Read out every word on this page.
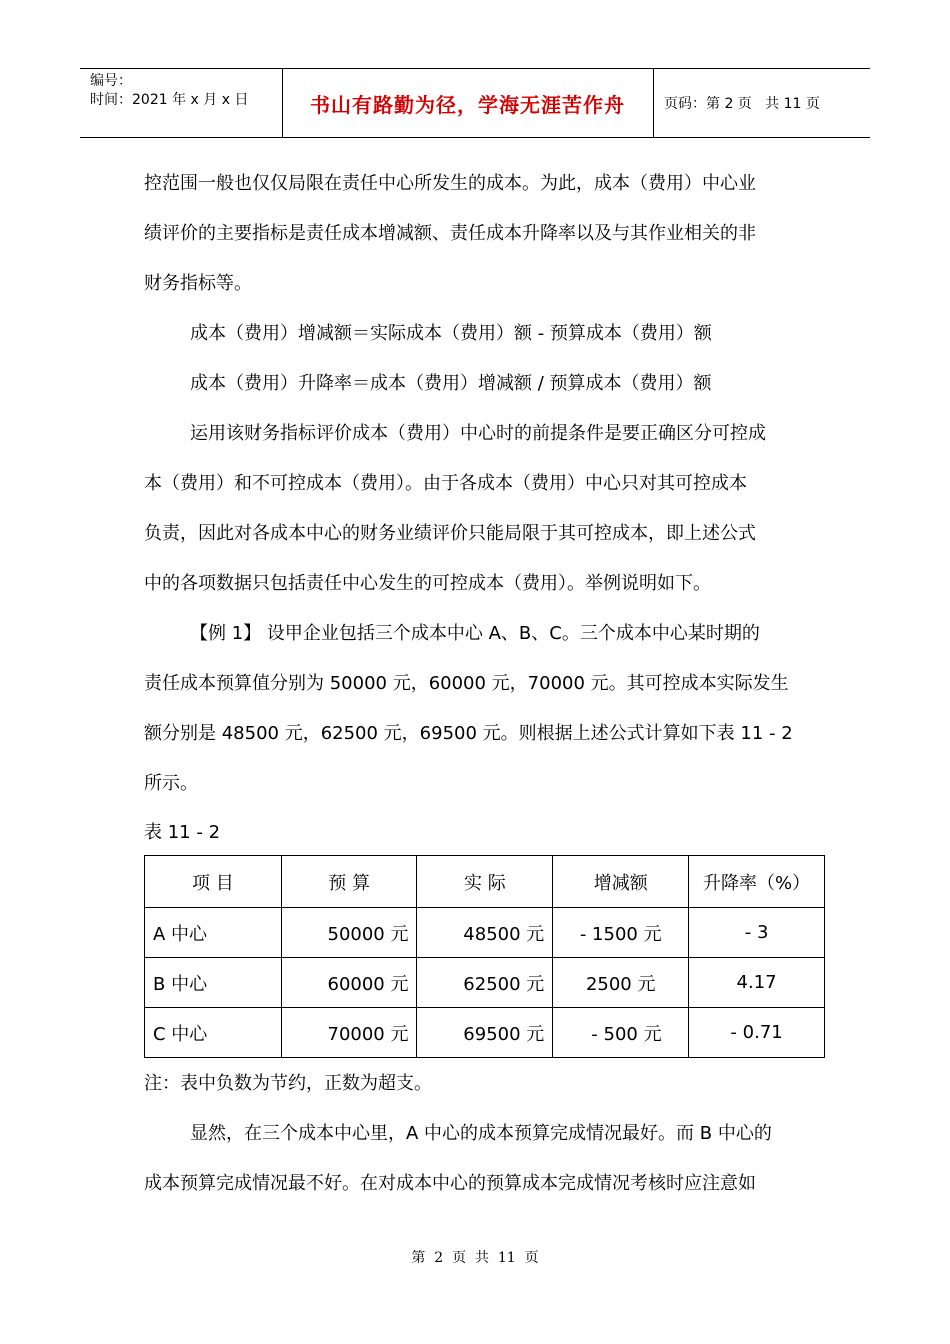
编号：
时间：2021 年 x 月 x 日	书山有路勤为径，学海无涯苦作舟	页码：第 2 页   共 11 页
控范围一般也仅仅局限在责任中心所发生的成本。为此，成本（费用）中心业
绩评价的主要指标是责任成本增减额、责任成本升降率以及与其作业相关的非
财务指标等。
成本（费用）增减额＝实际成本（费用）额 - 预算成本（费用）额
成本（费用）升降率＝成本（费用）增减额 / 预算成本（费用）额
运用该财务指标评价成本（费用）中心时的前提条件是要正确区分可控成
本（费用）和不可控成本（费用）。由于各成本（费用）中心只对其可控成本
负责，因此对各成本中心的财务业绩评价只能局限于其可控成本，即上述公式
中的各项数据只包括责任中心发生的可控成本（费用）。举例说明如下。
【例 1】 设甲企业包括三个成本中心 A、B、C。三个成本中心某时期的
责任成本预算值分别为 50000 元，60000 元，70000 元。其可控成本实际发生
额分别是 48500 元，62500 元，69500 元。则根据上述公式计算如下表 11 - 2
所示。
表 11 - 2
项 目	预 算	实 际	增减额	升降率（%）
A 中心	50000 元	48500 元	- 1500 元	- 3
B 中心	60000 元	62500 元	2500 元	4.17
C 中心	70000 元	69500 元	- 500 元	- 0.71
注：表中负数为节约，正数为超支。
显然，在三个成本中心里，A 中心的成本预算完成情况最好。而 B 中心的
成本预算完成情况最不好。在对成本中心的预算成本完成情况考核时应注意如
第  2  页  共  11  页
